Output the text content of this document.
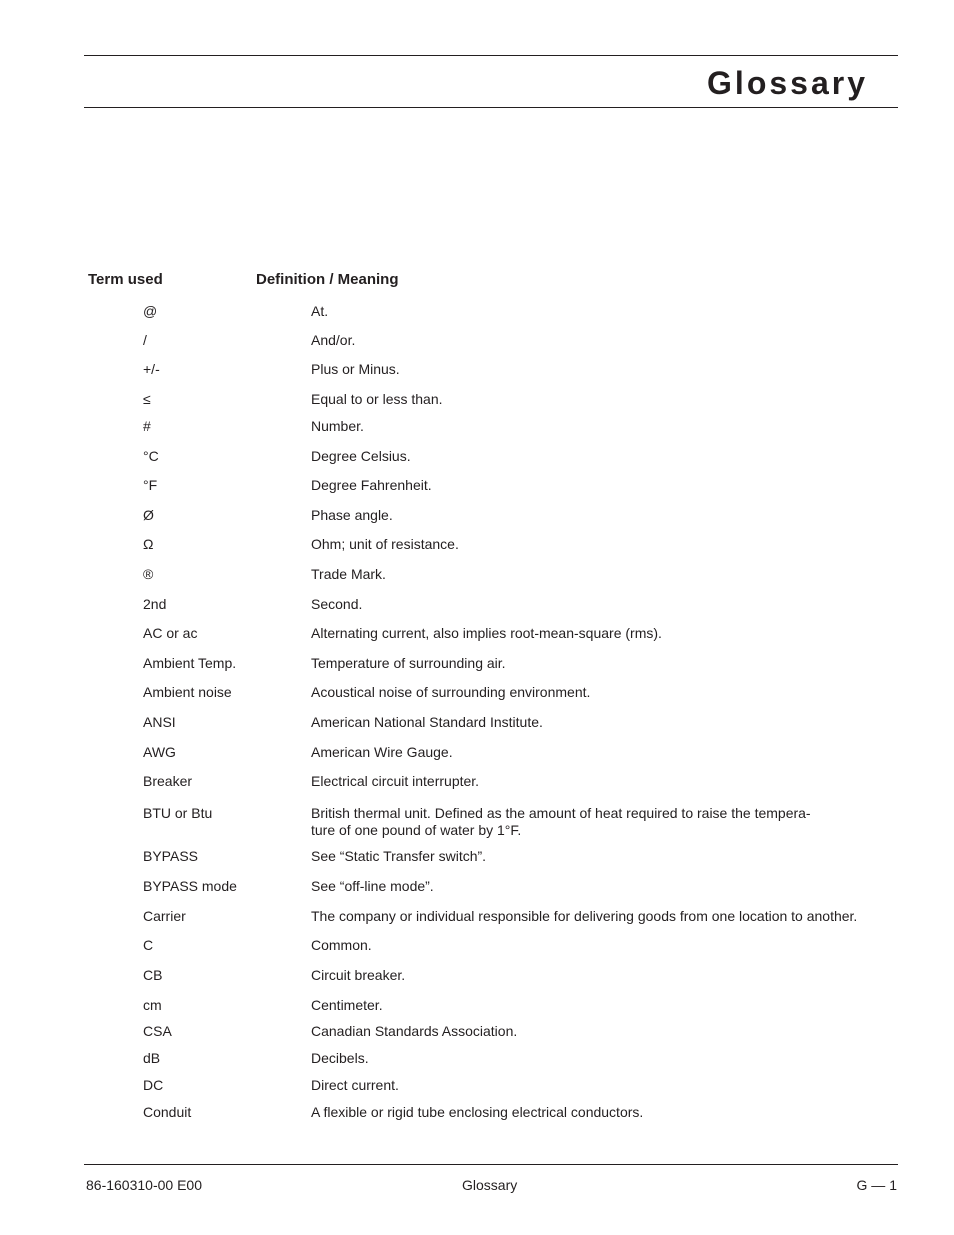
Glossary
Term used	Definition / Meaning
@	At.
/	And/or.
+/-	Plus or Minus.
≤	Equal to or less than.
#	Number.
°C	Degree Celsius.
°F	Degree Fahrenheit.
Ø	Phase angle.
Ω	Ohm; unit of resistance.
®	Trade Mark.
2nd	Second.
AC or ac	Alternating current, also implies root-mean-square (rms).
Ambient Temp.	Temperature of surrounding air.
Ambient noise	Acoustical noise of surrounding environment.
ANSI	American National Standard Institute.
AWG	American Wire Gauge.
Breaker	Electrical circuit interrupter.
BTU or Btu	British thermal unit. Defined as the amount of heat required to raise the tempera-
ture of one pound of water by 1°F.
BYPASS	See “Static Transfer switch”.
BYPASS mode	See “off-line mode”.
Carrier	The company or individual responsible for delivering goods from one location to another.
C	Common.
CB	Circuit breaker.
cm	Centimeter.
CSA	Canadian Standards Association.
dB	Decibels.
DC	Direct current.
Conduit	A flexible or rigid tube enclosing electrical conductors.
86-160310-00 E00	Glossary	G — 1
